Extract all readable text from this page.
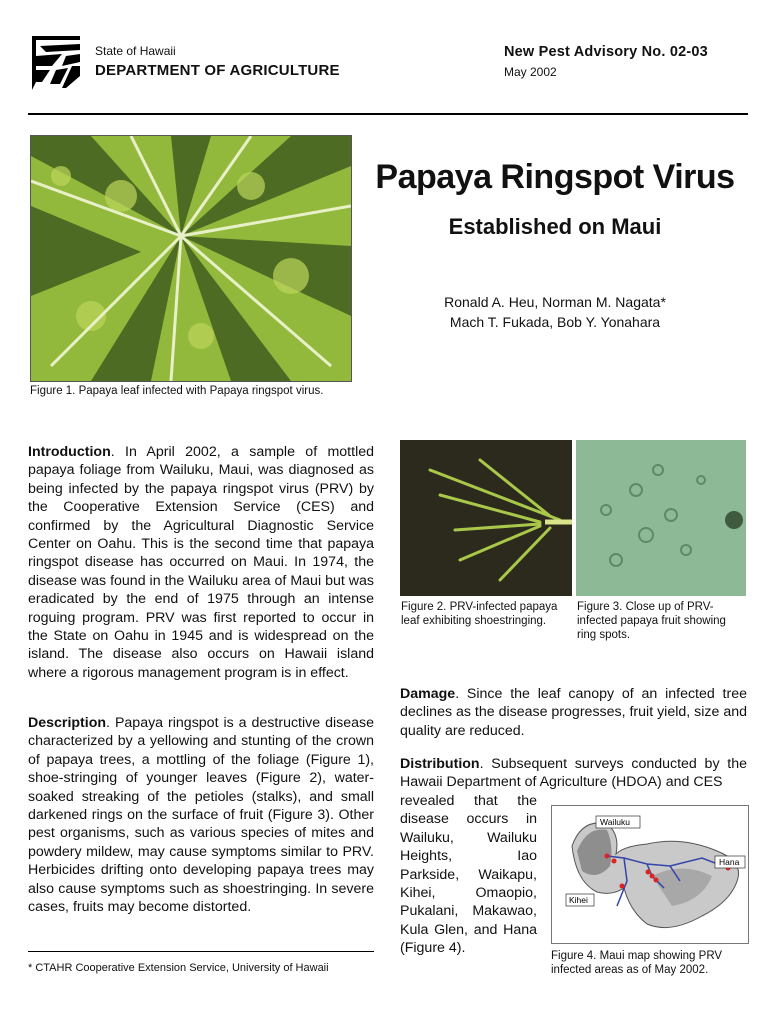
State of Hawaii
DEPARTMENT OF AGRICULTURE
New Pest Advisory No. 02-03
May 2002
Figure 1. Papaya leaf infected with Papaya ringspot virus.
Papaya Ringspot Virus
Established on Maui
Ronald A. Heu, Norman M. Nagata*
Mach T. Fukada, Bob Y. Yonahara
Introduction. In April 2002, a sample of mottled papaya foliage from Wailuku, Maui, was diagnosed as being infected by the papaya ringspot virus (PRV) by the Cooperative Extension Service (CES) and confirmed by the Agricultural Diagnostic Service Center on Oahu. This is the second time that papaya ringspot disease has occurred on Maui. In 1974, the disease was found in the Wailuku area of Maui but was eradicated by the end of 1975 through an intense roguing program. PRV was first reported to occur in the State on Oahu in 1945 and is widespread on the island. The disease also occurs on Hawaii island where a rigorous management program is in effect.
Description. Papaya ringspot is a destructive disease characterized by a yellowing and stunting of the crown of papaya trees, a mottling of the foliage (Figure 1), shoe-stringing of younger leaves (Figure 2), water-soaked streaking of the petioles (stalks), and small darkened rings on the surface of fruit (Figure 3). Other pest organisms, such as various species of mites and powdery mildew, may cause symptoms similar to PRV. Herbicides drifting onto developing papaya trees may also cause symptoms such as shoestringing. In severe cases, fruits may become distorted.
* CTAHR Cooperative Extension Service, University of Hawaii
Figure 2. PRV-infected papaya leaf exhibiting shoestringing.
Figure 3. Close up of PRV-infected papaya fruit showing ring spots.
Damage. Since the leaf canopy of an infected tree declines as the disease progresses, fruit yield, size and quality are reduced.
Distribution. Subsequent surveys conducted by the Hawaii Department of Agriculture (HDOA) and CES
revealed that the disease occurs in Wailuku, Wailuku Heights, Iao Parkside, Waikapu, Kihei, Omaopio, Pukalani, Makawao, Kula Glen, and Hana (Figure 4).
Wailuku
Hana
Kihei
Figure 4. Maui map showing PRV infected areas as of May 2002.
